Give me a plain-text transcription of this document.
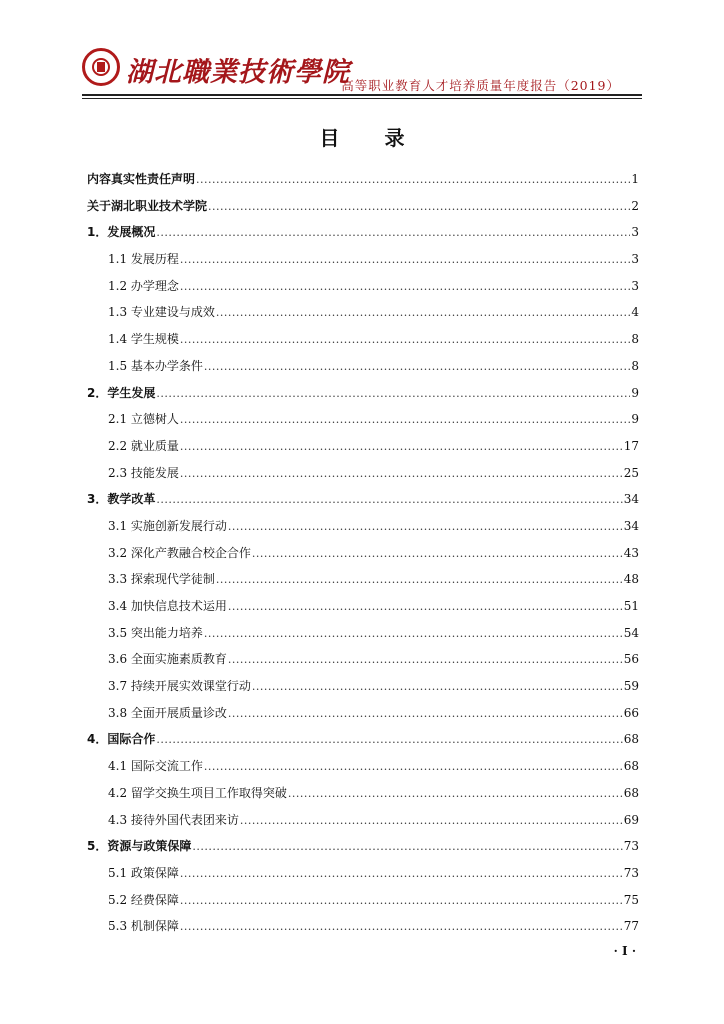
湖北職業技術學院
高等职业教育人才培养质量年度报告（2019）
目 录
内容真实性责任声明 .....	1
关于湖北职业技术学院 .....	2
1．发展概况 .....	3
1.1 发展历程 .....	3
1.2 办学理念 .....	3
1.3 专业建设与成效 .....	4
1.4 学生规模 .....	8
1.5 基本办学条件 .....	8
2．学生发展 .....	9
2.1 立德树人 .....	9
2.2 就业质量 .....	17
2.3 技能发展 .....	25
3．教学改革 .....	34
3.1 实施创新发展行动 .....	34
3.2 深化产教融合校企合作 .....	43
3.3 探索现代学徒制 .....	48
3.4 加快信息技术运用 .....	51
3.5 突出能力培养 .....	54
3.6 全面实施素质教育 .....	56
3.7 持续开展实效课堂行动 .....	59
3.8 全面开展质量诊改 .....	66
4．国际合作 .....	68
4.1 国际交流工作 .....	68
4.2 留学交换生项目工作取得突破 .....	68
4.3 接待外国代表团来访 .....	69
5．资源与政策保障 .....	73
5.1 政策保障 .....	73
5.2 经费保障 .....	75
5.3 机制保障 .....	77
· I ·
